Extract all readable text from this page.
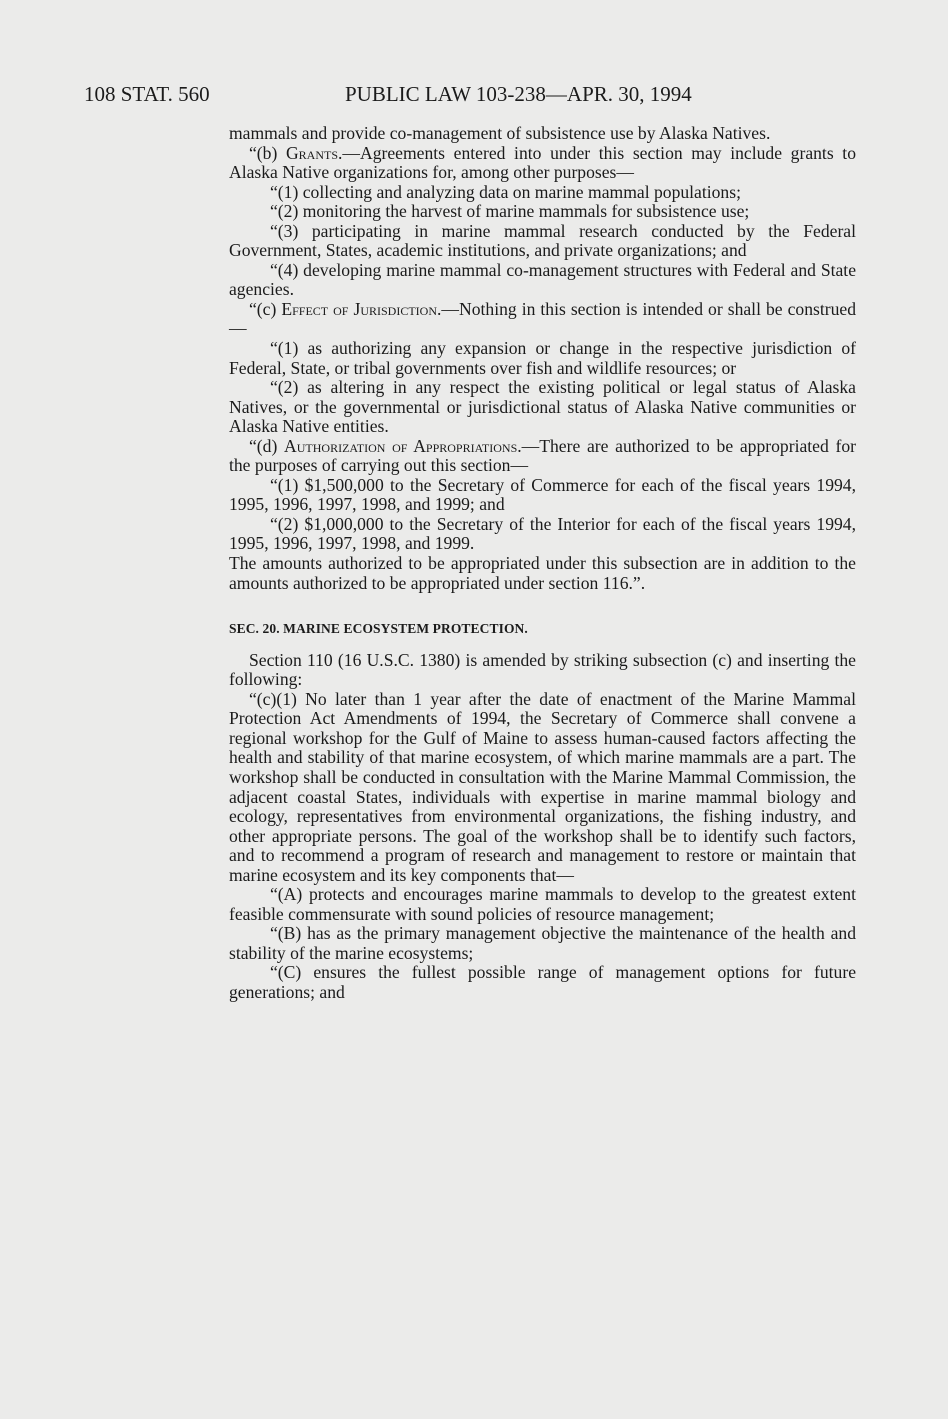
108 STAT. 560	PUBLIC LAW 103-238—APR. 30, 1994

mammals and provide co-management of subsistence use by Alaska Natives.

“(b) Grants.—Agreements entered into under this section may include grants to Alaska Native organizations for, among other purposes—

“(1) collecting and analyzing data on marine mammal populations;

“(2) monitoring the harvest of marine mammals for subsistence use;

“(3) participating in marine mammal research conducted by the Federal Government, States, academic institutions, and private organizations; and

“(4) developing marine mammal co-management structures with Federal and State agencies.

“(c) Effect of Jurisdiction.—Nothing in this section is intended or shall be construed—

“(1) as authorizing any expansion or change in the respective jurisdiction of Federal, State, or tribal governments over fish and wildlife resources; or

“(2) as altering in any respect the existing political or legal status of Alaska Natives, or the governmental or jurisdictional status of Alaska Native communities or Alaska Native entities.

“(d) Authorization of Appropriations.—There are authorized to be appropriated for the purposes of carrying out this section—

“(1) $1,500,000 to the Secretary of Commerce for each of the fiscal years 1994, 1995, 1996, 1997, 1998, and 1999; and

“(2) $1,000,000 to the Secretary of the Interior for each of the fiscal years 1994, 1995, 1996, 1997, 1998, and 1999.

The amounts authorized to be appropriated under this subsection are in addition to the amounts authorized to be appropriated under section 116.”.

SEC. 20. MARINE ECOSYSTEM PROTECTION.

Section 110 (16 U.S.C. 1380) is amended by striking subsection (c) and inserting the following:

“(c)(1) No later than 1 year after the date of enactment of the Marine Mammal Protection Act Amendments of 1994, the Secretary of Commerce shall convene a regional workshop for the Gulf of Maine to assess human-caused factors affecting the health and stability of that marine ecosystem, of which marine mammals are a part. The workshop shall be conducted in consultation with the Marine Mammal Commission, the adjacent coastal States, individuals with expertise in marine mammal biology and ecology, representatives from environmental organizations, the fishing industry, and other appropriate persons. The goal of the workshop shall be to identify such factors, and to recommend a program of research and management to restore or maintain that marine ecosystem and its key components that—

“(A) protects and encourages marine mammals to develop to the greatest extent feasible commensurate with sound policies of resource management;

“(B) has as the primary management objective the maintenance of the health and stability of the marine ecosystems;

“(C) ensures the fullest possible range of management options for future generations; and
